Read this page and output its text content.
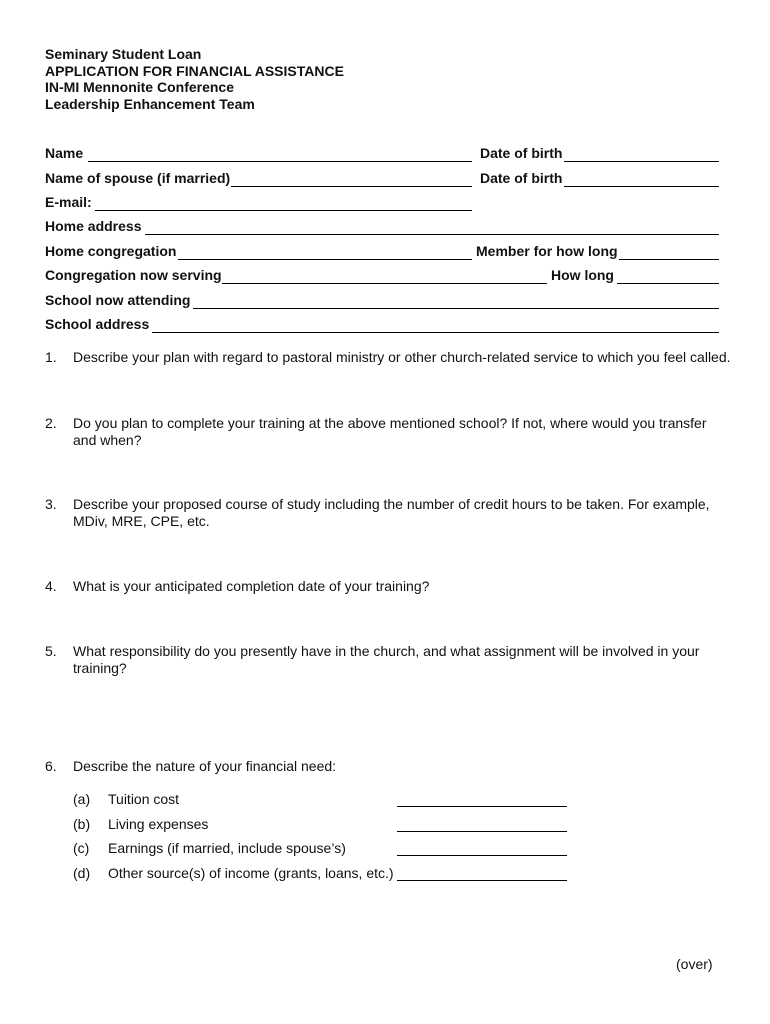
Seminary Student Loan
APPLICATION FOR FINANCIAL ASSISTANCE
IN-MI Mennonite Conference
Leadership Enhancement Team
Name	Date of birth
Name of spouse (if married)	Date of birth
E-mail:
Home address
Home congregation	Member for how long
Congregation now serving	How long
School now attending
School address
1.	Describe your plan with regard to pastoral ministry or other church-related service to which you feel called.
2.	Do you plan to complete your training at the above mentioned school? If not, where would you transfer and when?
3.	Describe your proposed course of study including the number of credit hours to be taken. For example, MDiv, MRE, CPE, etc.
4.	What is your anticipated completion date of your training?
5.	What responsibility do you presently have in the church, and what assignment will be involved in your training?
6.	Describe the nature of your financial need:
(a) Tuition cost
(b) Living expenses
(c) Earnings (if married, include spouse’s)
(d) Other source(s) of income (grants, loans, etc.)
(over)
